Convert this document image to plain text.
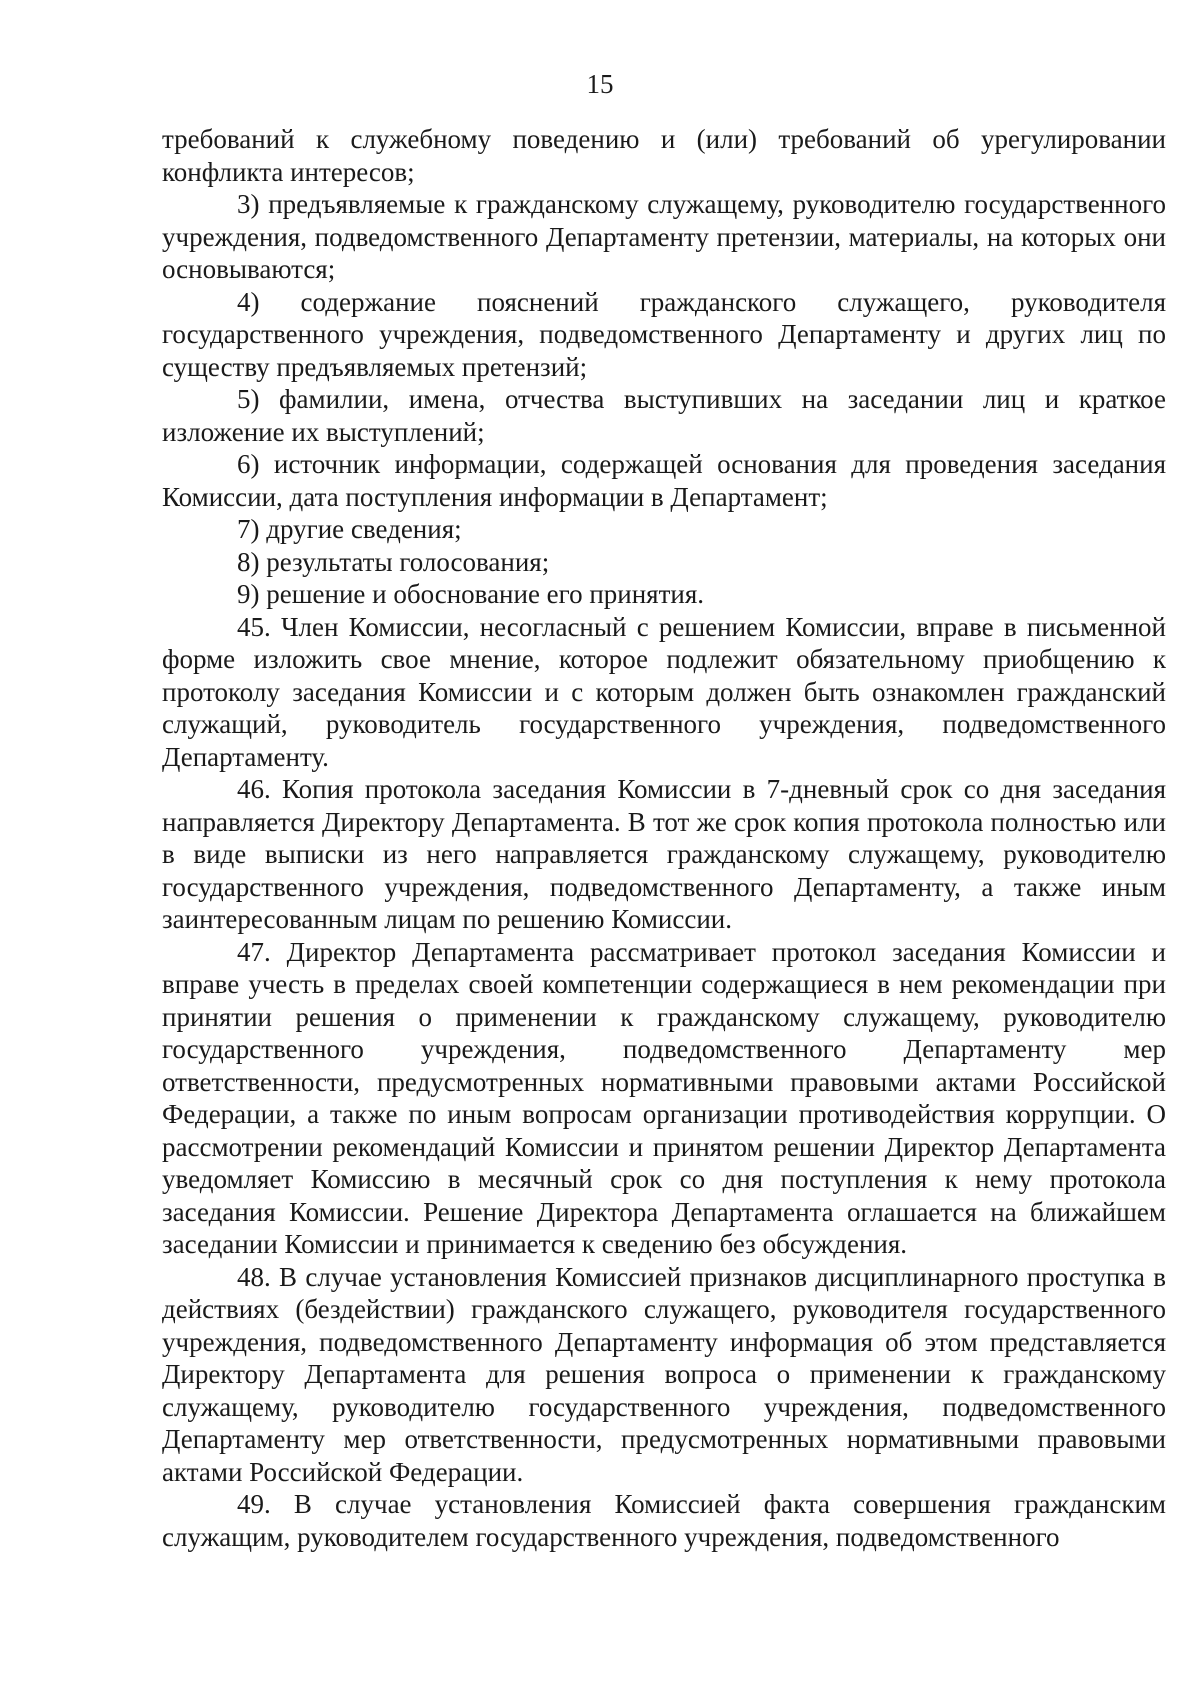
15

требований к служебному поведению и (или) требований об урегулировании конфликта интересов;

3) предъявляемые к гражданскому служащему, руководителю государственного учреждения, подведомственного Департаменту претензии, материалы, на которых они основываются;

4) содержание пояснений гражданского служащего, руководителя государственного учреждения, подведомственного Департаменту и других лиц по существу предъявляемых претензий;

5) фамилии, имена, отчества выступивших на заседании лиц и краткое изложение их выступлений;

6) источник информации, содержащей основания для проведения заседания Комиссии, дата поступления информации в Департамент;

7) другие сведения;

8) результаты голосования;

9) решение и обоснование его принятия.

45. Член Комиссии, несогласный с решением Комиссии, вправе в письменной форме изложить свое мнение, которое подлежит обязательному приобщению к протоколу заседания Комиссии и с которым должен быть ознакомлен гражданский служащий, руководитель государственного учреждения, подведомственного Департаменту.

46. Копия протокола заседания Комиссии в 7-дневный срок со дня заседания направляется Директору Департамента. В тот же срок копия протокола полностью или в виде выписки из него направляется гражданскому служащему, руководителю государственного учреждения, подведомственного Департаменту, а также иным заинтересованным лицам по решению Комиссии.

47. Директор Департамента рассматривает протокол заседания Комиссии и вправе учесть в пределах своей компетенции содержащиеся в нем рекомендации при принятии решения о применении к гражданскому служащему, руководителю государственного учреждения, подведомственного Департаменту мер ответственности, предусмотренных нормативными правовыми актами Российской Федерации, а также по иным вопросам организации противодействия коррупции. О рассмотрении рекомендаций Комиссии и принятом решении Директор Департамента уведомляет Комиссию в месячный срок со дня поступления к нему протокола заседания Комиссии. Решение Директора Департамента оглашается на ближайшем заседании Комиссии и принимается к сведению без обсуждения.

48. В случае установления Комиссией признаков дисциплинарного проступка в действиях (бездействии) гражданского служащего, руководителя государственного учреждения, подведомственного Департаменту информация об этом представляется Директору Департамента для решения вопроса о применении к гражданскому служащему, руководителю государственного учреждения, подведомственного Департаменту мер ответственности, предусмотренных нормативными правовыми актами Российской Федерации.

49. В случае установления Комиссией факта совершения гражданским служащим, руководителем государственного учреждения, подведомственного
